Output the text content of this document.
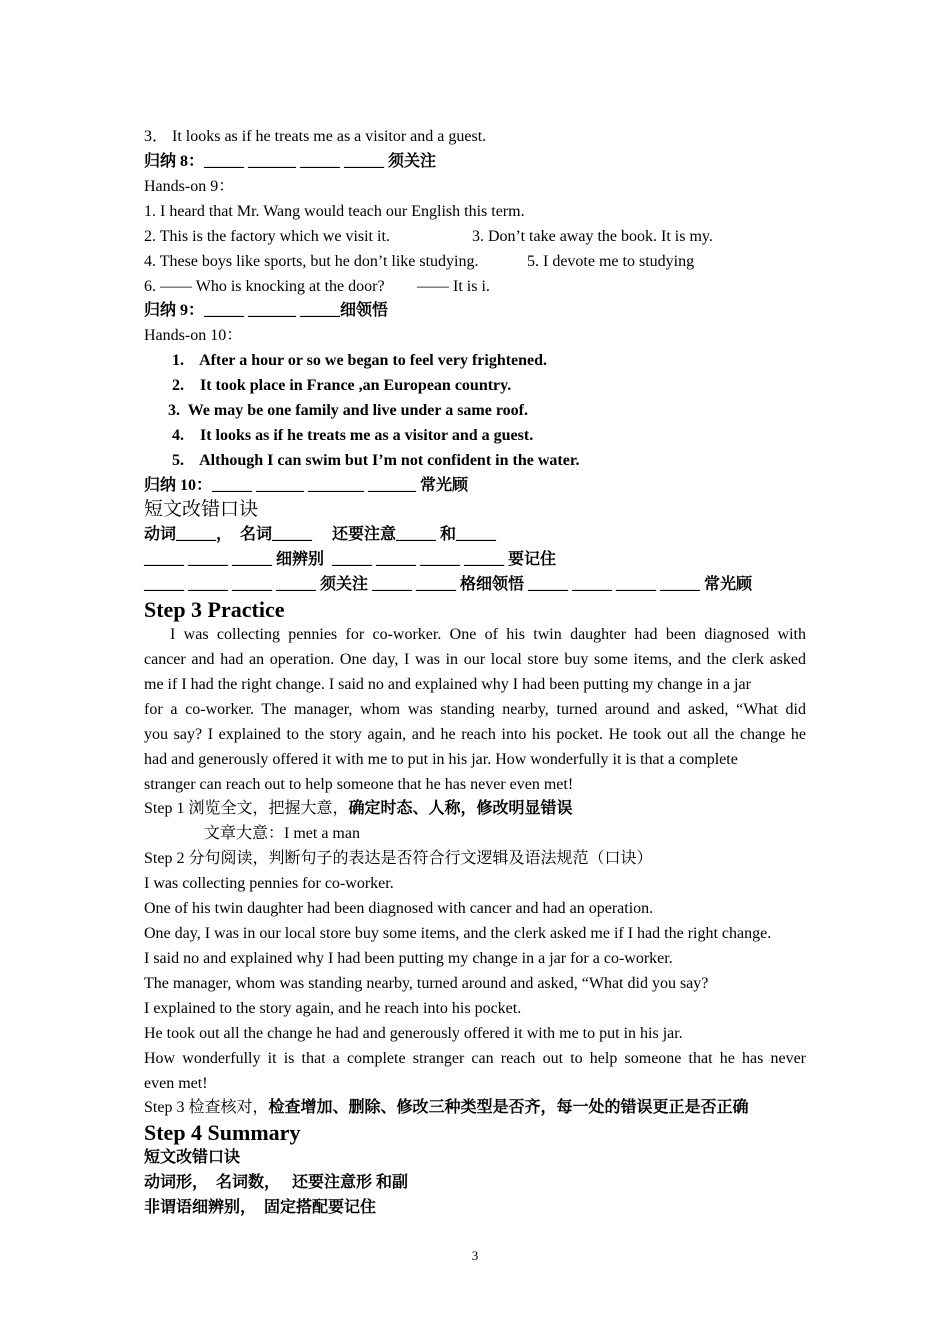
3． It looks as if he treats me as a visitor and a guest.
归纳 8：_____ ______ _____ _____ 须关注
Hands-on 9：
1. I heard that Mr. Wang would teach our English this term.
2. This is the factory which we visit it.	3. Don’t take away the book. It is my.
4. These boys like sports, but he don’t like studying.	5. I devote me to studying
6. —— Who is knocking at the door? —— It is i.
归纳 9：_____ ______ _____细领悟
Hands-on 10：
1.    After a hour or so we began to feel very frightened.
2.    It took place in France ,an European country.
3.  We may be one family and live under a same roof.
4.    It looks as if he treats me as a visitor and a guest.
5.    Although I can swim but I’m not confident in the water.
归纳 10：_____ ______ _______ ______ 常光顾
短文改错口诀
动词_____，  名词_____     还要注意_____ 和_____
_____ _____ _____ 细辨别  _____ _____ _____ _____ 要记住
_____ _____ _____ _____ 须关注 _____ _____ 格细领悟 _____ _____ _____ _____ 常光顾
Step 3 Practice
I was collecting pennies for co-worker. One of his twin daughter had been diagnosed with
cancer and had an operation. One day, I was in our local store buy some items, and the clerk asked
me if I had the right change. I said no and explained why I had been putting my change in a jar
for a co-worker. The manager, whom was standing nearby, turned around and asked, “What did
you say? I explained to the story again, and he reach into his pocket. He took out all the change he
had and generously offered it with me to put in his jar. How wonderfully it is that a complete
stranger can reach out to help someone that he has never even met!
Step 1 浏览全文，把握大意，确定时态、人称，修改明显错误
文章大意：I met a man
Step 2 分句阅读，判断句子的表达是否符合行文逻辑及语法规范（口诀）
I was collecting pennies for co-worker.
One of his twin daughter had been diagnosed with cancer and had an operation.
One day, I was in our local store buy some items, and the clerk asked me if I had the right change.
I said no and explained why I had been putting my change in a jar for a co-worker.
The manager, whom was standing nearby, turned around and asked, “What did you say?
I explained to the story again, and he reach into his pocket.
He took out all the change he had and generously offered it with me to put in his jar.
How wonderfully it is that a complete stranger can reach out to help someone that he has never
even met!
Step 3 检查核对，检查增加、删除、修改三种类型是否齐，每一处的错误更正是否正确
Step 4 Summary
短文改错口诀
动词形，  名词数，   还要注意形 和副
非谓语细辨别，  固定搭配要记住
3
